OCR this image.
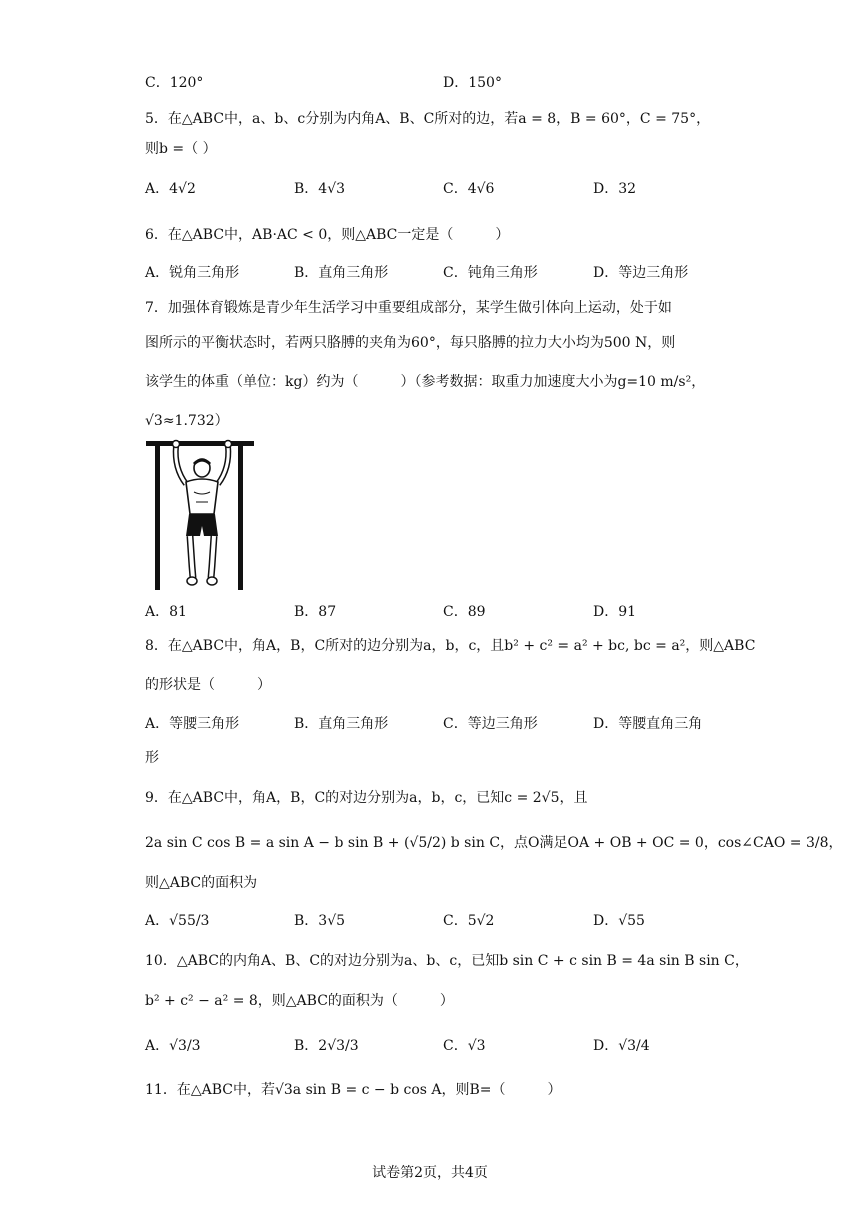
C．120°	D．150°
5．在△ABC中，a、b、c分别为内角A、B、C所对的边，若a = 8，B = 60°，C = 75°，
则b =（ ）
A．4√2	B．4√3	C．4√6	D．32
6．在△ABC中，AB·AC < 0，则△ABC一定是（　　　）
A．锐角三角形	B．直角三角形	C．钝角三角形	D．等边三角形
7．加强体育锻炼是青少年生活学习中重要组成部分，某学生做引体向上运动，处于如
图所示的平衡状态时，若两只胳膊的夹角为60°，每只胳膊的拉力大小均为500 N，则
该学生的体重（单位：kg）约为（　　　）（参考数据：取重力加速度大小为g=10 m/s²，
√3≈1.732）
A．81	B．87	C．89	D．91
8．在△ABC中，角A，B，C所对的边分别为a，b，c，且b² + c² = a² + bc, bc = a²，则△ABC
的形状是（　　　）
A．等腰三角形	B．直角三角形	C．等边三角形	D．等腰直角三角
形
9．在△ABC中，角A，B，C的对边分别为a，b，c，已知c = 2√5，且
2a sin C cos B = a sin A − b sin B + (√5/2) b sin C，点O满足OA + OB + OC = 0，cos∠CAO = 3/8，
则△ABC的面积为
A．√55/3	B．3√5	C．5√2	D．√55
10．△ABC的内角A、B、C的对边分别为a、b、c，已知b sin C + c sin B = 4a sin B sin C，
b² + c² − a² = 8，则△ABC的面积为（　　　）
A．√3/3	B．2√3/3	C．√3	D．√3/4
11．在△ABC中，若√3a sin B = c − b cos A，则B=（　　　）
试卷第2页，共4页
